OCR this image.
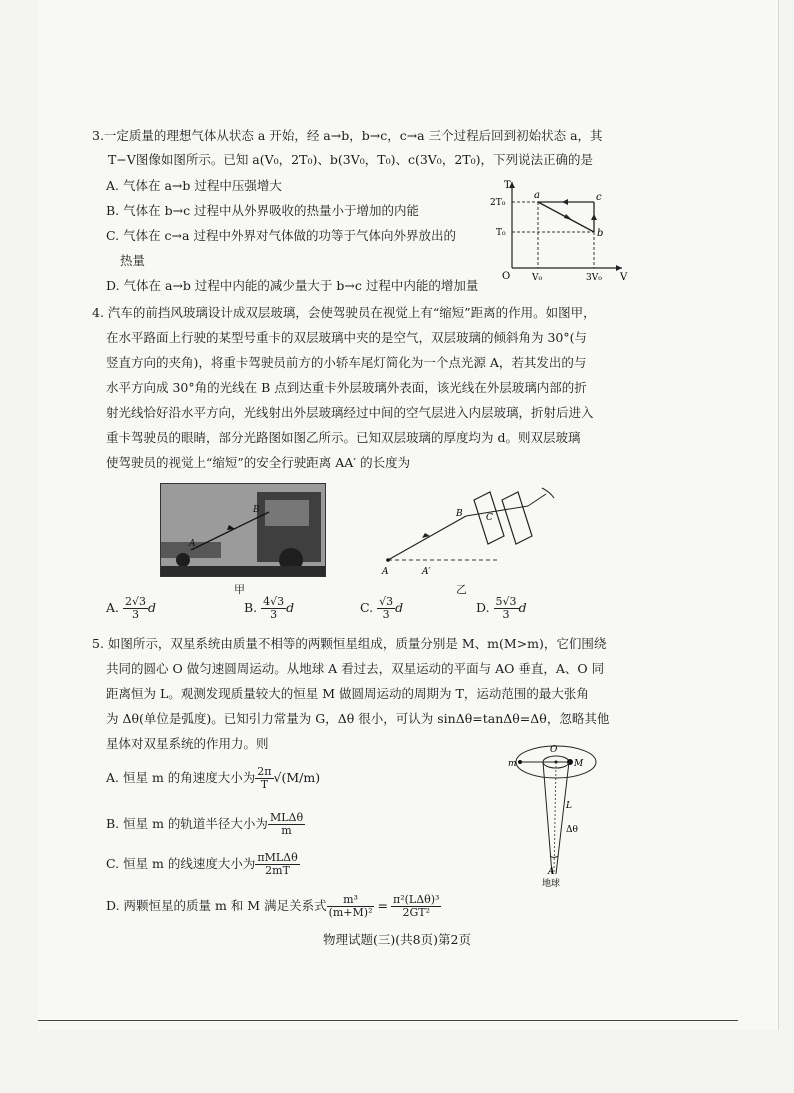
3.一定质量的理想气体从状态 a 开始，经 a→b，b→c，c→a 三个过程后回到初始状态 a，其
T−V图像如图所示。已知 a(V₀，2T₀)、b(3V₀，T₀)、c(3V₀，2T₀)，下列说法正确的是
A. 气体在 a→b 过程中压强增大
B. 气体在 b→c 过程中从外界吸收的热量小于增加的内能
C. 气体在 c→a 过程中外界对气体做的功等于气体向外界放出的
热量
D. 气体在 a→b 过程中内能的减少量大于 b→c 过程中内能的增加量
T
V
O
2T₀
T₀
V₀	3V₀
a
b
c
4. 汽车的前挡风玻璃设计成双层玻璃，会使驾驶员在视觉上有“缩短”距离的作用。如图甲，
在水平路面上行驶的某型号重卡的双层玻璃中夹的是空气，双层玻璃的倾斜角为 30°(与
竖直方向的夹角)，将重卡驾驶员前方的小轿车尾灯简化为一个点光源 A，若其发出的与
水平方向成 30°角的光线在 B 点到达重卡外层玻璃外表面，该光线在外层玻璃内部的折
射光线恰好沿水平方向，光线射出外层玻璃经过中间的空气层进入内层玻璃，折射后进入
重卡驾驶员的眼睛，部分光路图如图乙所示。已知双层玻璃的厚度均为 d。则双层玻璃
使驾驶员的视觉上“缩短”的安全行驶距离 AA′ 的长度为
A
B
甲
A	A′
B	C
乙
A. $\frac{2√3}{3}$ d	B. $\frac{4√3}{3}$ d	C. $\frac{√3}{3}$ d	D. $\frac{5√3}{3}$ d
5. 如图所示，双星系统由质量不相等的两颗恒星组成，质量分别是 M、m(M>m)，它们围绕
共同的圆心 O 做匀速圆周运动。从地球 A 看过去，双星运动的平面与 AO 垂直，A、O 同
距离恒为 L。观测发现质量较大的恒星 M 做圆周运动的周期为 T，运动范围的最大张角
为 Δθ(单位是弧度)。已知引力常量为 G，Δθ 很小，可认为 sinΔθ=tanΔθ=Δθ，忽略其他
星体对双星系统的作用力。则
A. 恒星 m 的角速度大小为 $\frac{2\pi}{T} √(M/m)$
B. 恒星 m 的轨道半径大小为 $\frac{\text{MLΔθ}}{m}$
C. 恒星 m 的线速度大小为 $\frac{\text{πMLΔθ}}{2mT}$
D. 两颗恒星的质量 m 和 M 满足关系式 $\frac{\text{m³}}{\text{(m+M)²}} = \frac{\text{π²(LΔθ)³}}{\text{2GT²}}$
O
M
m
L
Δθ
A
地球
物理试题(三)(共8页)第2页
